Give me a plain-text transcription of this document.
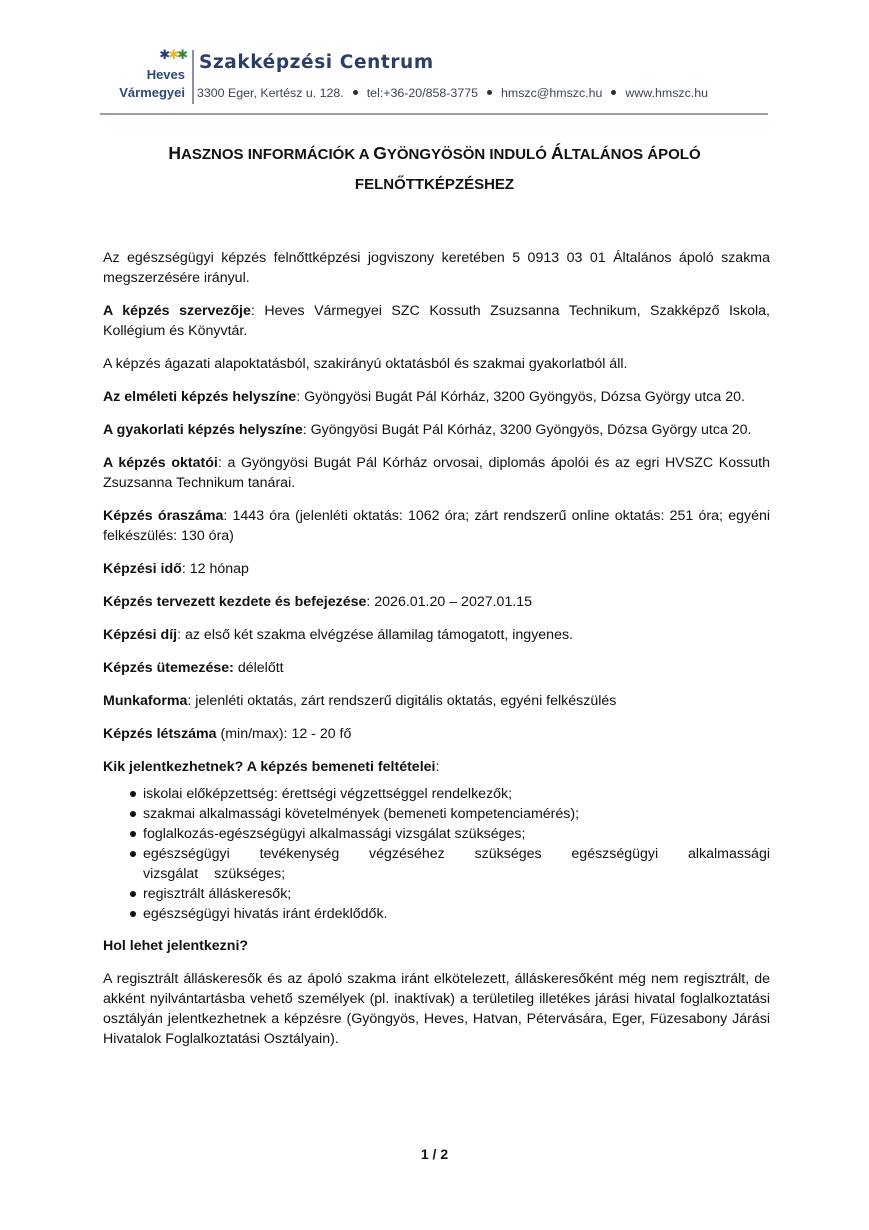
✱✱✱
Heves
Vármegyei
Szakképzési Centrum
3300 Eger, Kertész u. 128. tel:+36-20/858-3775 hmszc@hmszc.hu www.hmszc.hu
HASZNOS INFORMÁCIÓK A GYÖNGYÖSÖN INDULÓ ÁLTALÁNOS ÁPOLÓ
FELNŐTTKÉPZÉSHEZ

Az egészségügyi képzés felnőttképzési jogviszony keretében 5 0913 03 01 Általános ápoló szakma megszerzésére irányul.

A képzés szervezője: Heves Vármegyei SZC Kossuth Zsuzsanna Technikum, Szakképző Iskola, Kollégium és Könyvtár.

A képzés ágazati alapoktatásból, szakirányú oktatásból és szakmai gyakorlatból áll.

Az elméleti képzés helyszíne: Gyöngyösi Bugát Pál Kórház, 3200 Gyöngyös, Dózsa György utca 20.

A gyakorlati képzés helyszíne: Gyöngyösi Bugát Pál Kórház, 3200 Gyöngyös, Dózsa György utca 20.

A képzés oktatói: a Gyöngyösi Bugát Pál Kórház orvosai, diplomás ápolói és az egri HVSZC Kossuth Zsuzsanna Technikum tanárai.

Képzés óraszáma: 1443 óra (jelenléti oktatás: 1062 óra; zárt rendszerű online oktatás: 251 óra; egyéni felkészülés: 130 óra)

Képzési idő: 12 hónap

Képzés tervezett kezdete és befejezése: 2026.01.20 – 2027.01.15

Képzési díj: az első két szakma elvégzése államilag támogatott, ingyenes.

Képzés ütemezése: délelőtt

Munkaforma: jelenléti oktatás, zárt rendszerű digitális oktatás, egyéni felkészülés

Képzés létszáma (min/max): 12 - 20 fő

Kik jelentkezhetnek? A képzés bemeneti feltételei:

iskolai előképzettség: érettségi végzettséggel rendelkezők;
szakmai alkalmassági követelmények (bemeneti kompetenciamérés);
foglalkozás-egészségügyi alkalmassági vizsgálat szükséges;
egészségügyi tevékenység végzéséhez szükséges egészségügyi alkalmassági vizsgálat szükséges;
regisztrált álláskeresők;
egészségügyi hivatás iránt érdeklődők.

Hol lehet jelentkezni?

A regisztrált álláskeresők és az ápoló szakma iránt elkötelezett, álláskeresőként még nem regisztrált, de akként nyilvántartásba vehető személyek (pl. inaktívak) a területileg illetékes járási hivatal foglalkoztatási osztályán jelentkezhetnek a képzésre (Gyöngyös, Heves, Hatvan, Pétervására, Eger, Füzesabony Járási Hivatalok Foglalkoztatási Osztályain).

1 / 2
